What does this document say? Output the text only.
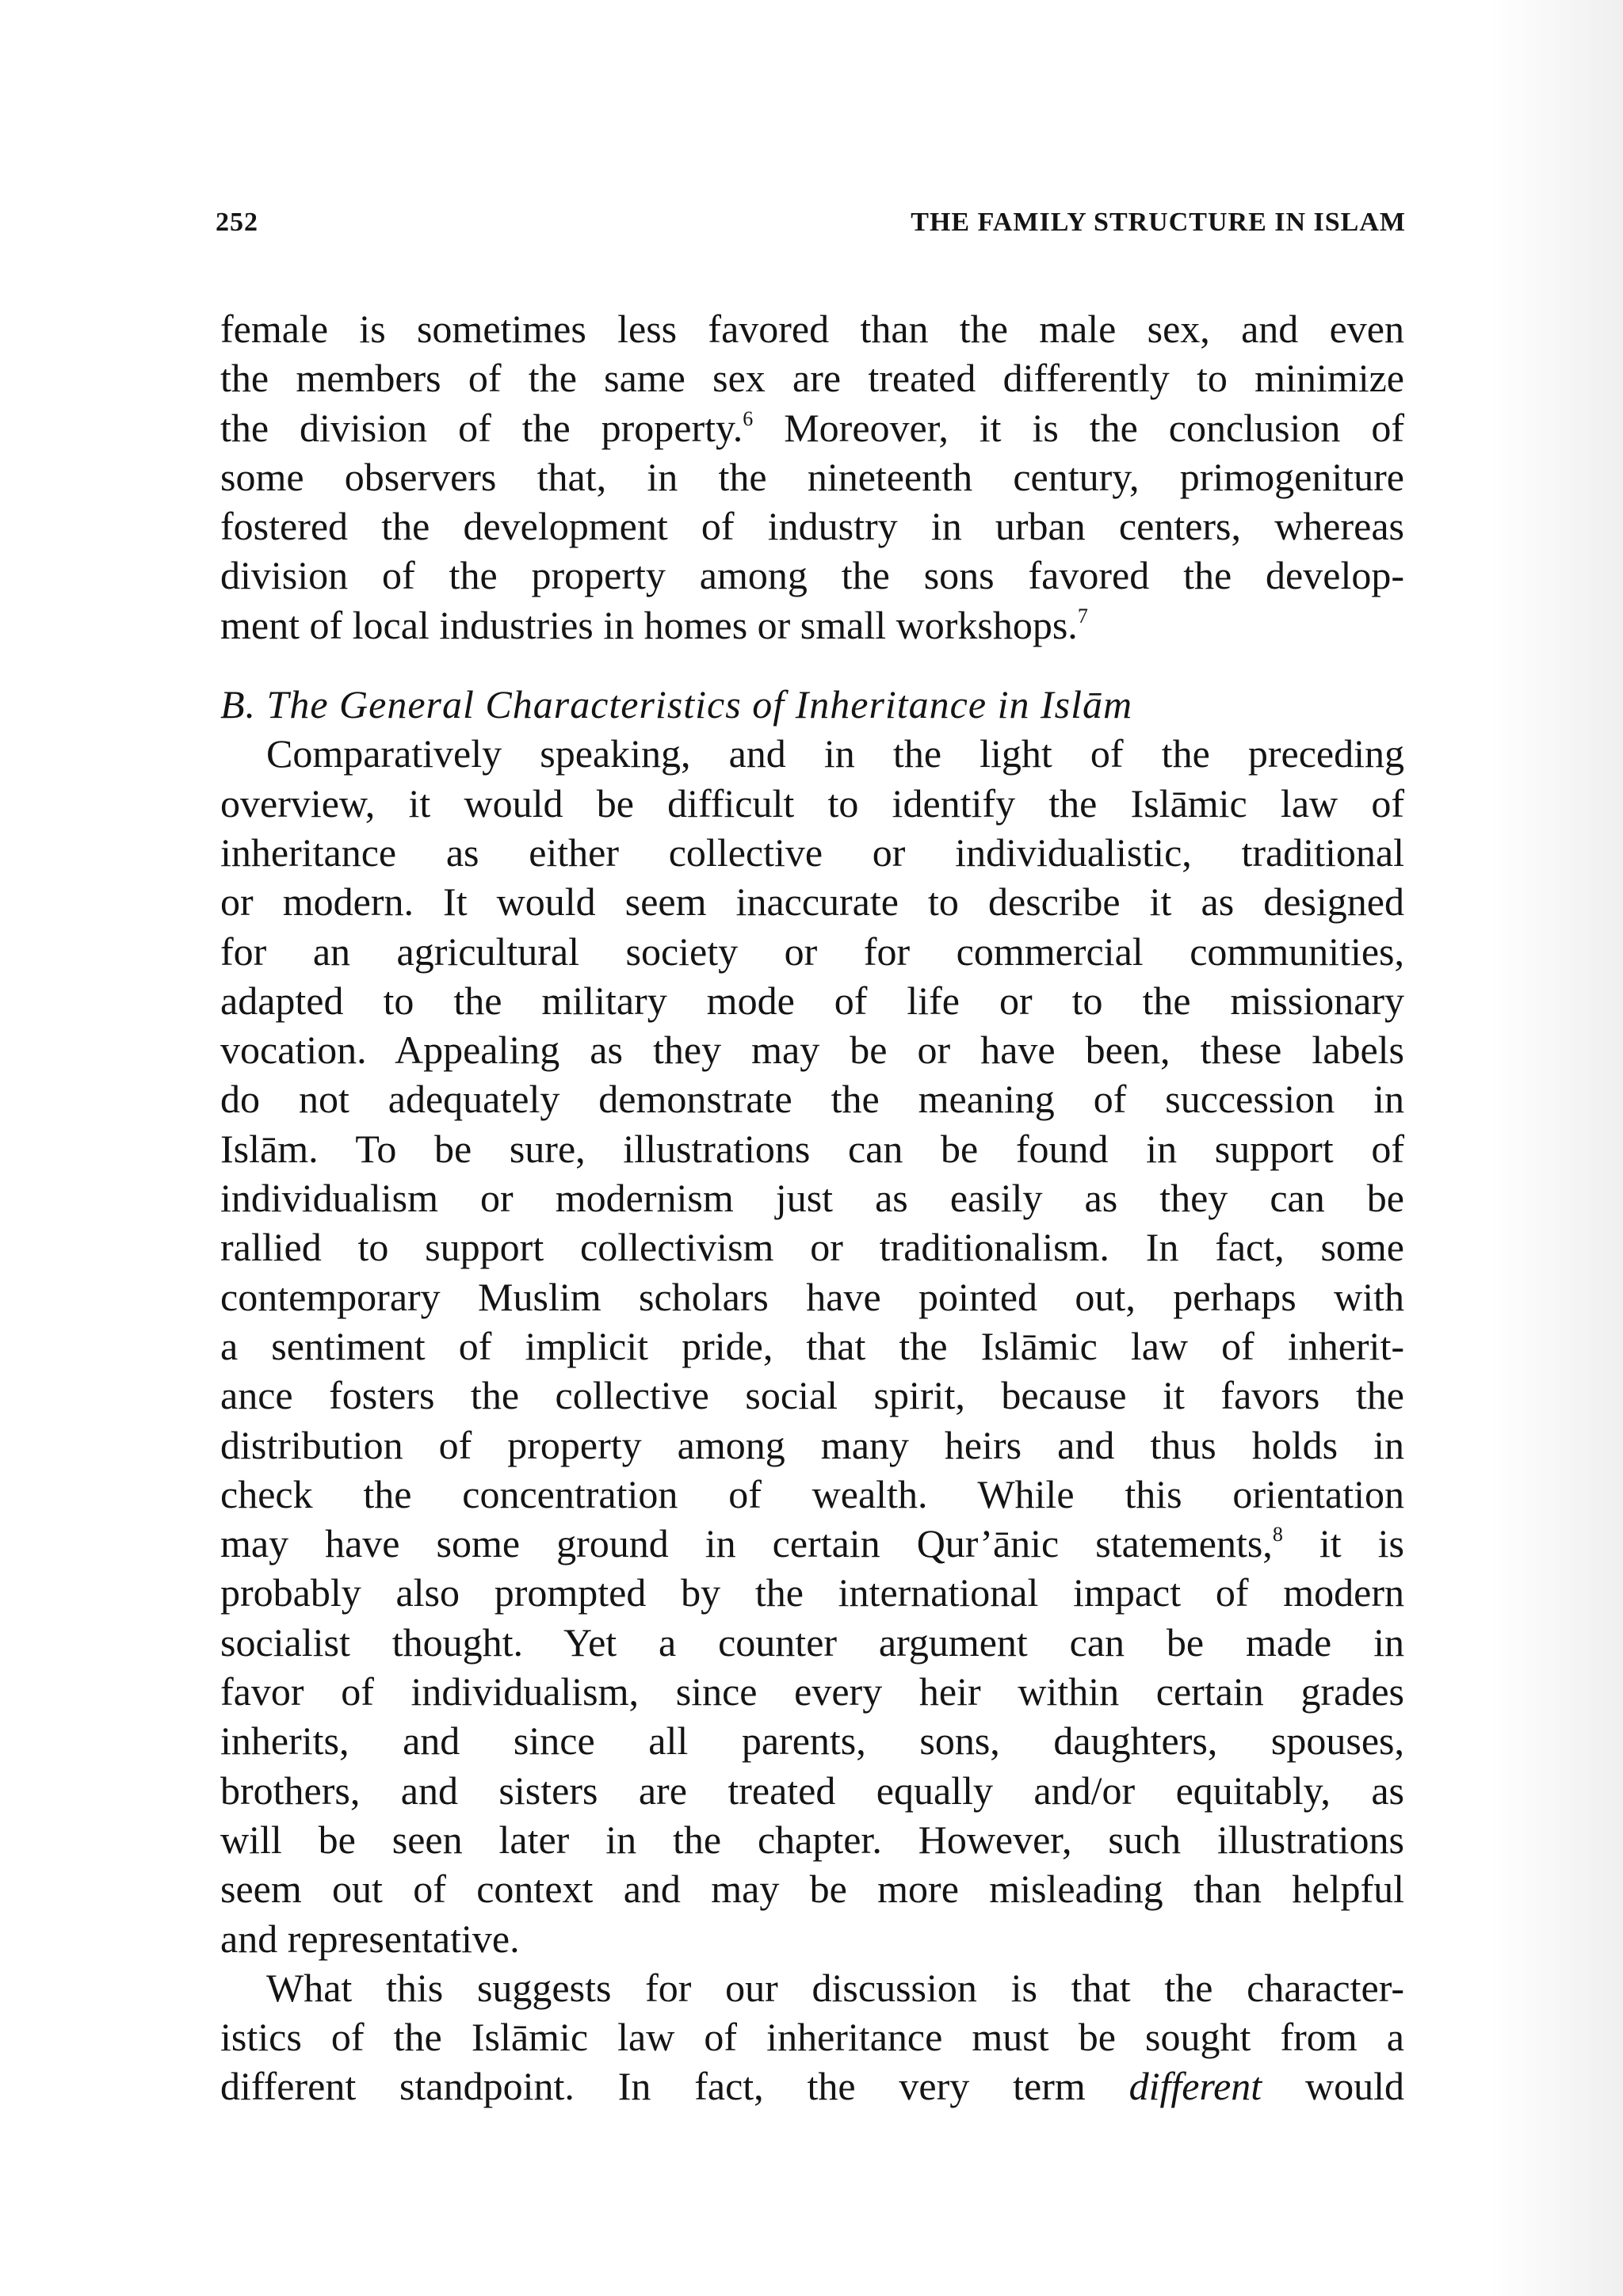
252	THE FAMILY STRUCTURE IN ISLAM
female is sometimes less favored than the male sex, and even
the members of the same sex are treated differently to minimize
the division of the property.$^6$ Moreover, it is the conclusion of
some observers that, in the nineteenth century, primogeniture
fostered the development of industry in urban centers, whereas
division of the property among the sons favored the develop-
ment of local industries in homes or small workshops.$^7$
B. The General Characteristics of Inheritance in Islām
Comparatively speaking, and in the light of the preceding
overview, it would be difficult to identify the Islāmic law of
inheritance as either collective or individualistic, traditional
or modern. It would seem inaccurate to describe it as designed
for an agricultural society or for commercial communities,
adapted to the military mode of life or to the missionary
vocation. Appealing as they may be or have been, these labels
do not adequately demonstrate the meaning of succession in
Islām. To be sure, illustrations can be found in support of
individualism or modernism just as easily as they can be
rallied to support collectivism or traditionalism. In fact, some
contemporary Muslim scholars have pointed out, perhaps with
a sentiment of implicit pride, that the Islāmic law of inherit-
ance fosters the collective social spirit, because it favors the
distribution of property among many heirs and thus holds in
check the concentration of wealth. While this orientation
may have some ground in certain Qur’ānic statements,$^8$ it is
probably also prompted by the international impact of modern
socialist thought. Yet a counter argument can be made in
favor of individualism, since every heir within certain grades
inherits, and since all parents, sons, daughters, spouses,
brothers, and sisters are treated equally and/or equitably, as
will be seen later in the chapter. However, such illustrations
seem out of context and may be more misleading than helpful
and representative.
What this suggests for our discussion is that the character-
istics of the Islāmic law of inheritance must be sought from a
different standpoint. In fact, the very term different would
